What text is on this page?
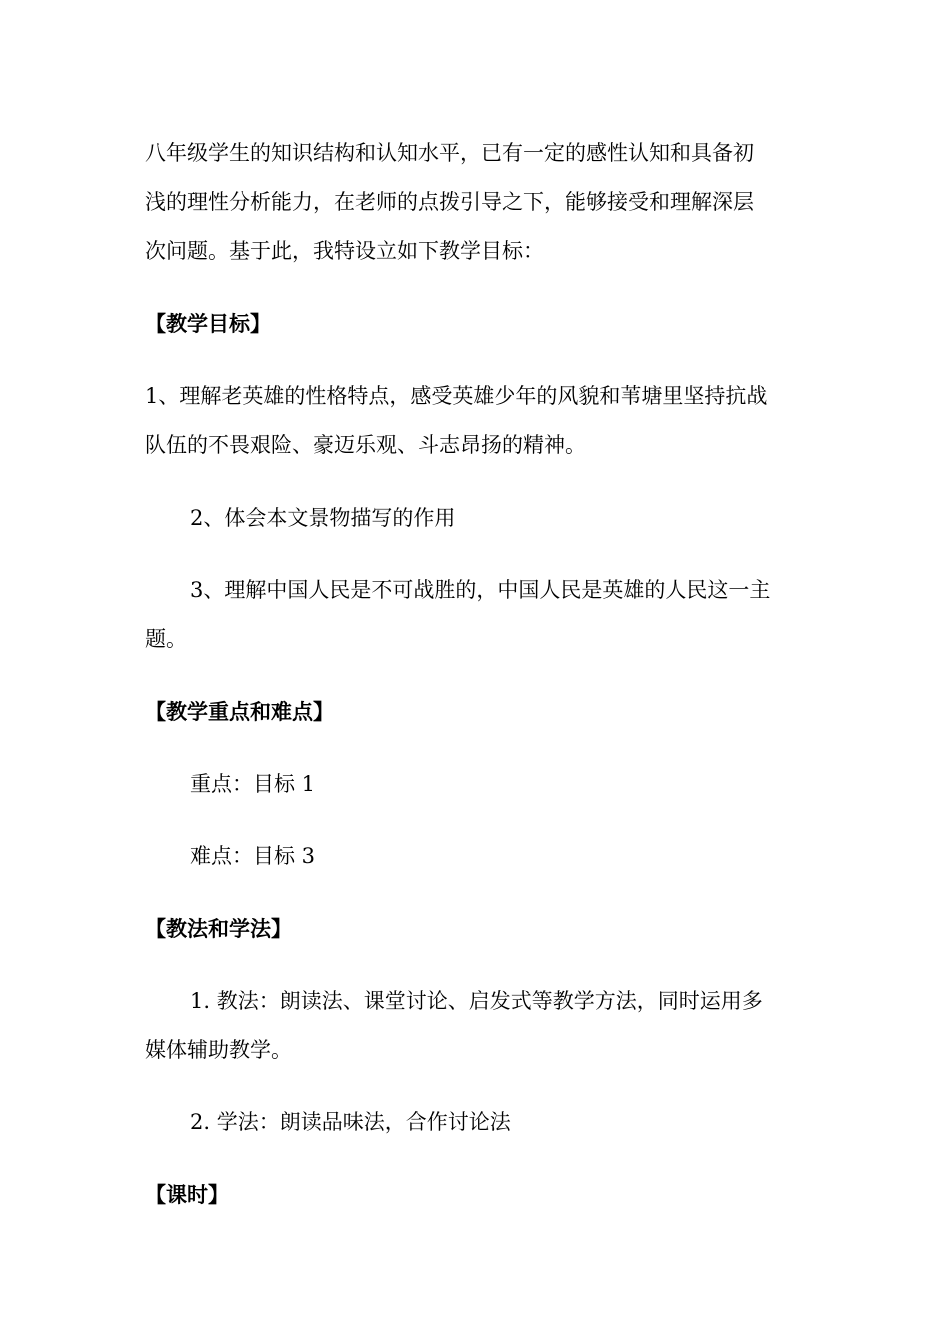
八年级学生的知识结构和认知水平，已有一定的感性认知和具备初
浅的理性分析能力，在老师的点拨引导之下，能够接受和理解深层
次问题。基于此，我特设立如下教学目标：
【教学目标】
1、理解老英雄的性格特点，感受英雄少年的风貌和苇塘里坚持抗战
队伍的不畏艰险、豪迈乐观、斗志昂扬的精神。
2、体会本文景物描写的作用
3、理解中国人民是不可战胜的，中国人民是英雄的人民这一主
题。
【教学重点和难点】
重点：目标 1
难点：目标 3
【教法和学法】
1. 教法：朗读法、课堂讨论、启发式等教学方法，同时运用多
媒体辅助教学。
2. 学法：朗读品味法，合作讨论法
【课时】
